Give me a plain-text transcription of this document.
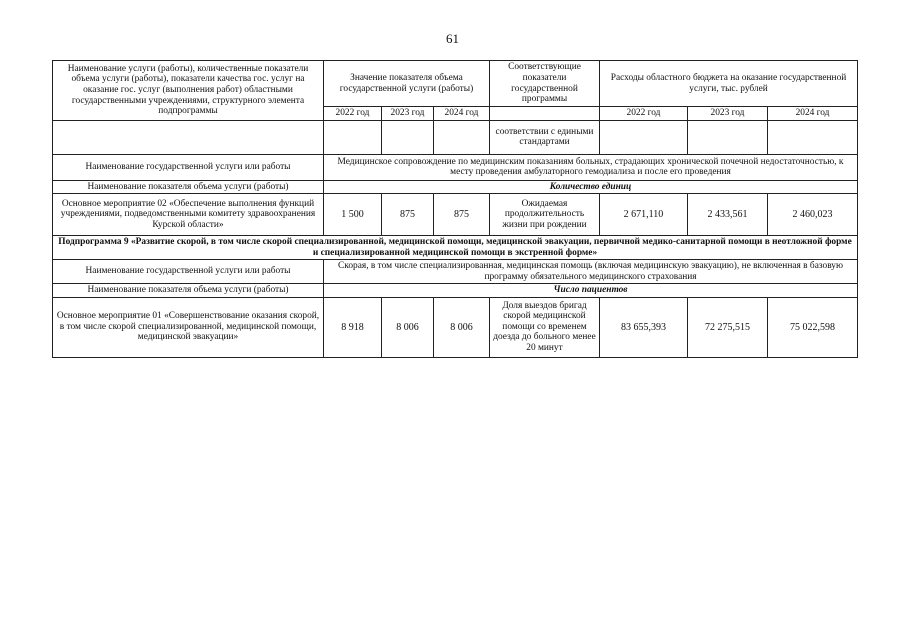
61
Наименование услуги (работы), количественные показатели объема услуги (работы), показатели качества гос. услуг на оказание гос. услуг (выполнения работ) областными государственными учреждениями, структурного элемента подпрограммы	Значение показателя объема государственной услуги (работы)			Соответствующие показатели государственной программы	Расходы областного бюджета на оказание государственной услуги, тыс. рублей		
	2022 год	2023 год	2024 год		2022 год	2023 год	2024 год
				соответствии с едиными стандартами			
Наименование государственной услуги или работы	Медицинское сопровождение по медицинским показаниям больных, страдающих хронической почечной недостаточностью, к месту проведения амбулаторного гемодиализа и после его проведения						
Наименование показателя объема услуги (работы)	Количество единиц						
Основное мероприятие 02 «Обеспечение выполнения функций учреждениями, подведомственными комитету здравоохранения Курской области»	1 500	875	875	Ожидаемая продолжительность жизни при рождении	2 671,110	2 433,561	2 460,023
Подпрограмма 9 «Развитие скорой, в том числе скорой специализированной, медицинской помощи, медицинской эвакуации, первичной медико-санитарной помощи в неотложной форме и специализированной медицинской помощи в экстренной форме»							
Наименование государственной услуги или работы	Скорая, в том числе специализированная, медицинская помощь (включая медицинскую эвакуацию), не включенная в базовую программу обязательного медицинского страхования						
Наименование показателя объема услуги (работы)	Число пациентов						
Основное мероприятие 01 «Совершенствование оказания скорой, в том числе скорой специализированной, медицинской помощи, медицинской эвакуации»	8 918	8 006	8 006	Доля выездов бригад скорой медицинской помощи со временем доезда до больного менее 20 минут	83 655,393	72 275,515	75 022,598
